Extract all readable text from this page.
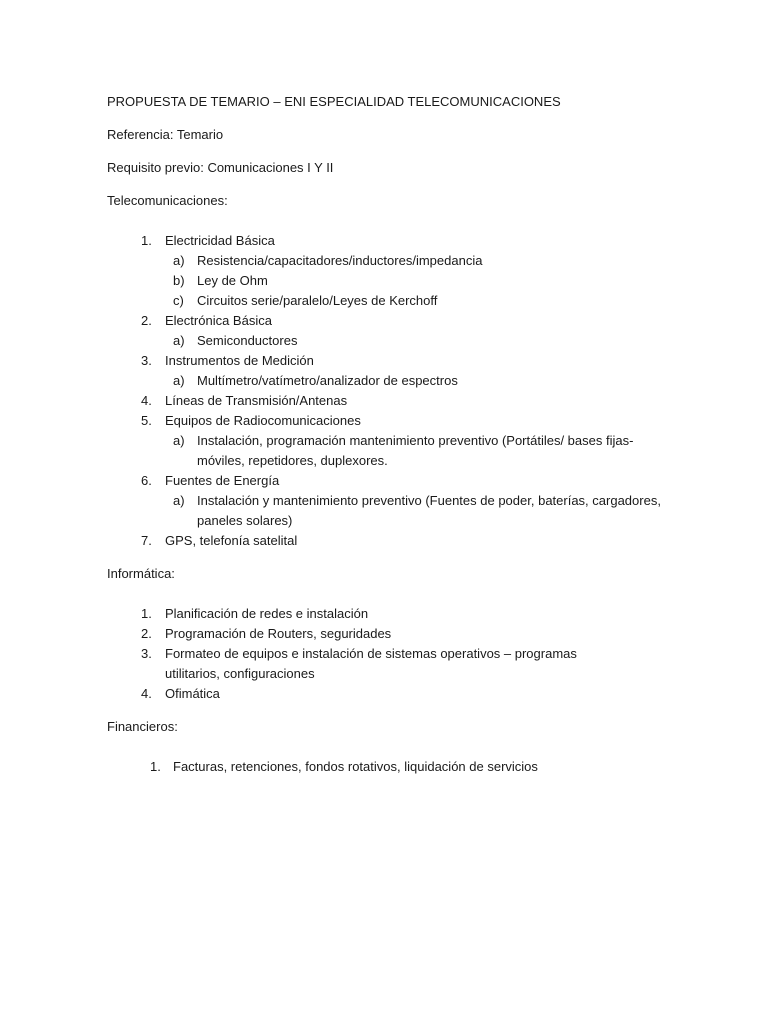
PROPUESTA DE TEMARIO – ENI ESPECIALIDAD TELECOMUNICACIONES

Referencia: Temario

Requisito previo: Comunicaciones I Y II

Telecomunicaciones:

1. Electricidad Básica
a) Resistencia/capacitadores/inductores/impedancia
b) Ley de Ohm
c) Circuitos serie/paralelo/Leyes de Kerchoff
2. Electrónica Básica
a) Semiconductores
3. Instrumentos de Medición
a) Multímetro/vatímetro/analizador de espectros
4. Líneas de Transmisión/Antenas
5. Equipos de Radiocomunicaciones
a) Instalación, programación mantenimiento preventivo (Portátiles/ bases fijas-móviles, repetidores, duplexores.
6. Fuentes de Energía
a) Instalación y mantenimiento preventivo (Fuentes de poder, baterías, cargadores, paneles solares)
7. GPS, telefonía satelital

Informática:

1. Planificación de redes e instalación
2. Programación de Routers, seguridades
3. Formateo de equipos e instalación de sistemas operativos – programas utilitarios, configuraciones
4. Ofimática

Financieros:

1. Facturas, retenciones, fondos rotativos, liquidación de servicios
